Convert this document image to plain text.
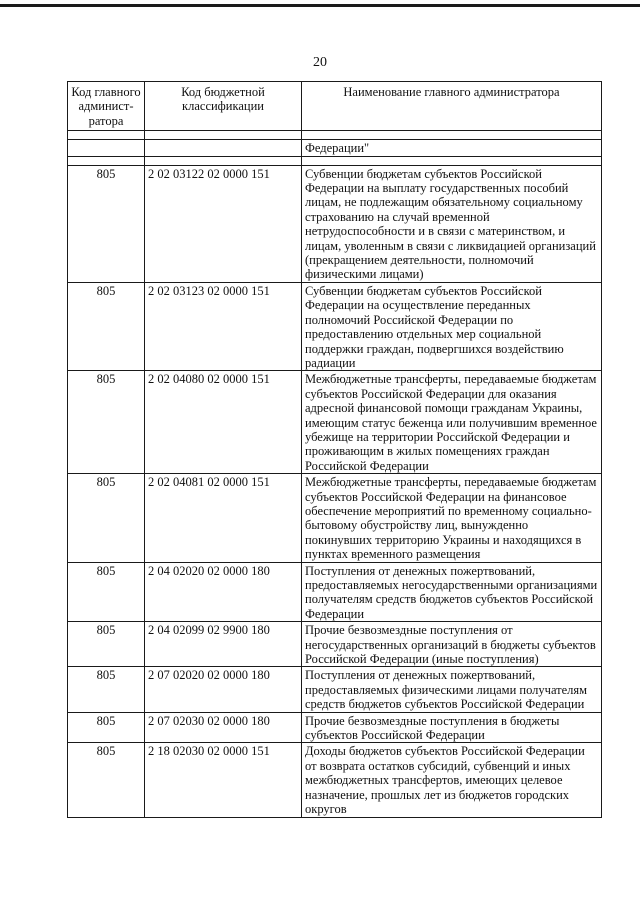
20
Код главного админист-ратора	Код бюджетной классификации	Наименование главного администратора

		Федерации"

805	2 02 03122 02 0000 151	Субвенции бюджетам субъектов Российской Федерации на выплату государственных пособий лицам, не подлежащим обязательному социальному страхованию на случай временной нетрудоспособности и в связи с материнством, и лицам, уволенным в связи с ликвидацией организаций (прекращением деятельности, полномочий физическими лицами)
805	2 02 03123 02 0000 151	Субвенции бюджетам субъектов Российской Федерации на осуществление переданных полномочий Российской Федерации по предоставлению отдельных мер социальной поддержки граждан, подвергшихся воздействию радиации
805	2 02 04080 02 0000 151	Межбюджетные трансферты, передаваемые бюджетам субъектов Российской Федерации для оказания адресной финансовой помощи гражданам Украины, имеющим статус беженца или получившим временное убежище на территории Российской Федерации и проживающим в жилых помещениях граждан Российской Федерации
805	2 02 04081 02 0000 151	Межбюджетные трансферты, передаваемые бюджетам субъектов Российской Федерации на финансовое обеспечение мероприятий по временному социально-бытовому обустройству лиц, вынужденно покинувших территорию Украины и находящихся в пунктах временного размещения
805	2 04 02020 02 0000 180	Поступления от денежных пожертвований, предоставляемых негосударственными организациями получателям средств бюджетов субъектов Российской Федерации
805	2 04 02099 02 9900 180	Прочие безвозмездные поступления от негосударственных организаций в бюджеты субъектов Российской Федерации (иные поступления)
805	2 07 02020 02 0000 180	Поступления от денежных пожертвований, предоставляемых физическими лицами получателям средств бюджетов субъектов Российской Федерации
805	2 07 02030 02 0000 180	Прочие безвозмездные поступления в бюджеты субъектов Российской Федерации
805	2 18 02030 02 0000 151	Доходы бюджетов субъектов Российской Федерации от возврата остатков субсидий, субвенций и иных межбюджетных трансфертов, имеющих целевое назначение, прошлых лет из бюджетов городских округов
